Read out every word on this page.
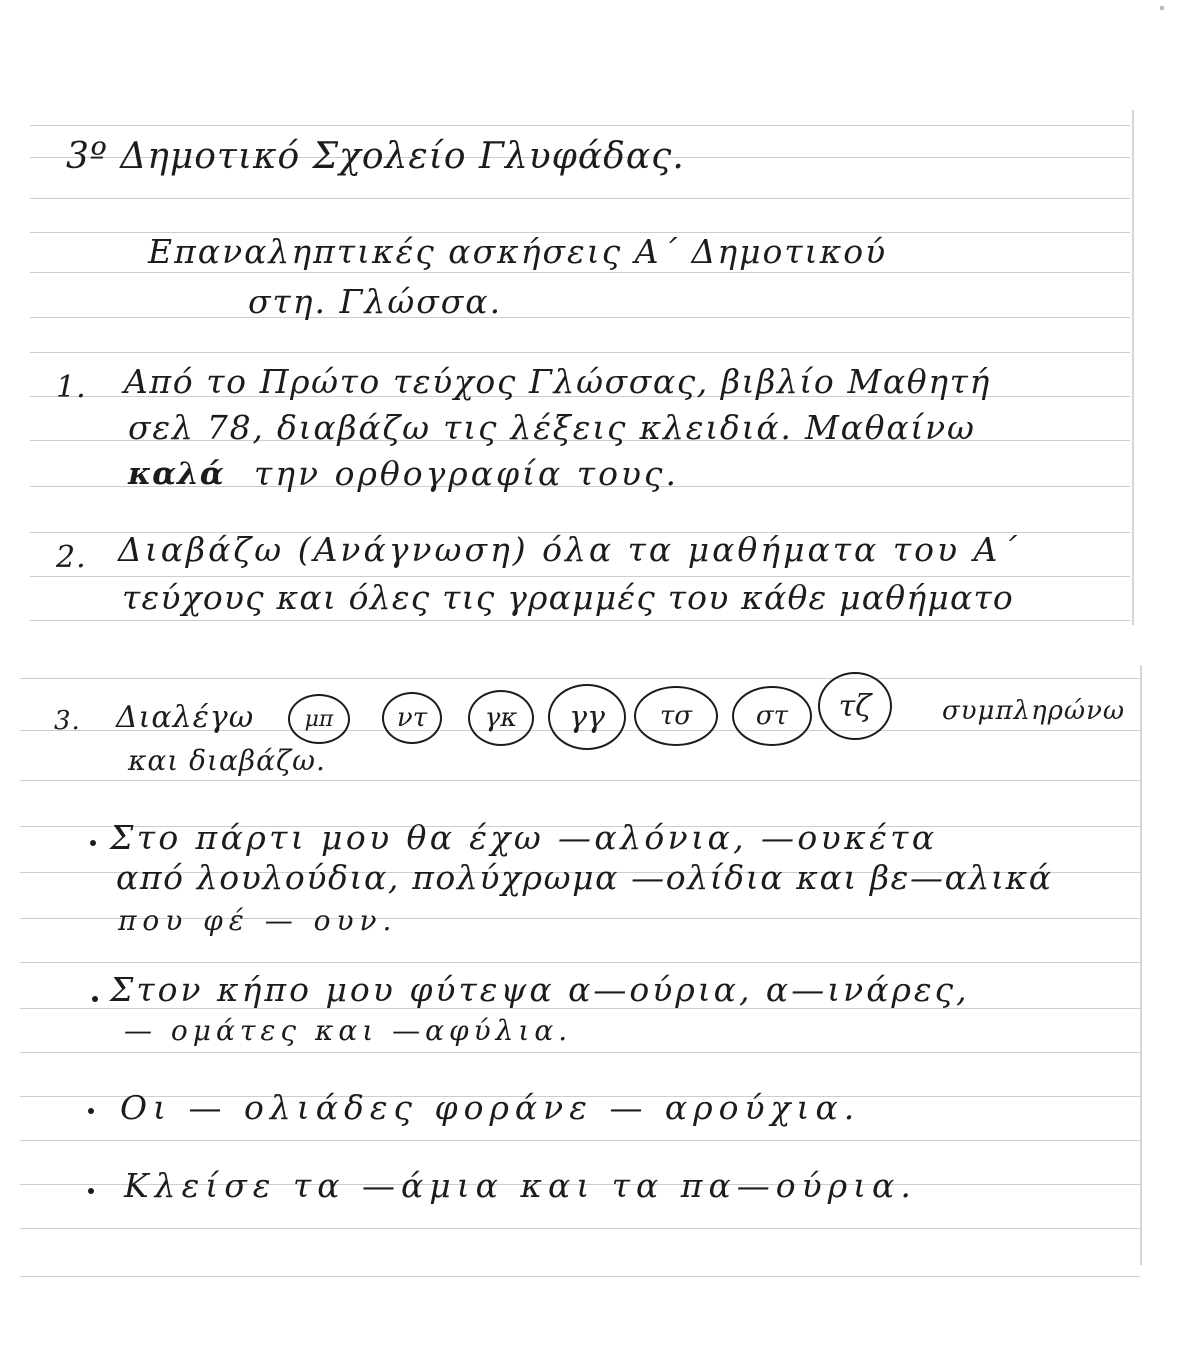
3º Δημοτικό Σχολείο Γλυφάδας.
Επαναληπτικές ασκήσεις Α΄ Δημοτικού
στη. Γλώσσα.
1. Από το Πρώτο τεύχος Γλώσσας, βιβλίο Μαθητή
σελ 78, διαβάζω τις λέξεις κλειδιά. Μαθαίνω
καλά την ορθογραφία τους.
2. Διαβάζω (Ανάγνωση) όλα τα μαθήματα του Α΄
τεύχους και όλες τις γραμμές του κάθε μαθήματο
3. Διαλέγω	μπ	ντ	γκ	γγ	τσ	στ	τζ	συμπληρώνω
και διαβάζω.
Στο πάρτι μου θα έχω —αλόνια, —ουκέτα
από λουλούδια, πολύχρωμα —ολίδια και βε—αλικά
που φέ — ουν.
Στον κήπο μου φύτεψα α—ούρια, α—ινάρες,
— ομάτες και —αφύλια.
Οι — ολιάδες φοράνε — αρούχια.
Κλείσε τα —άμια και τα πα—ούρια.
